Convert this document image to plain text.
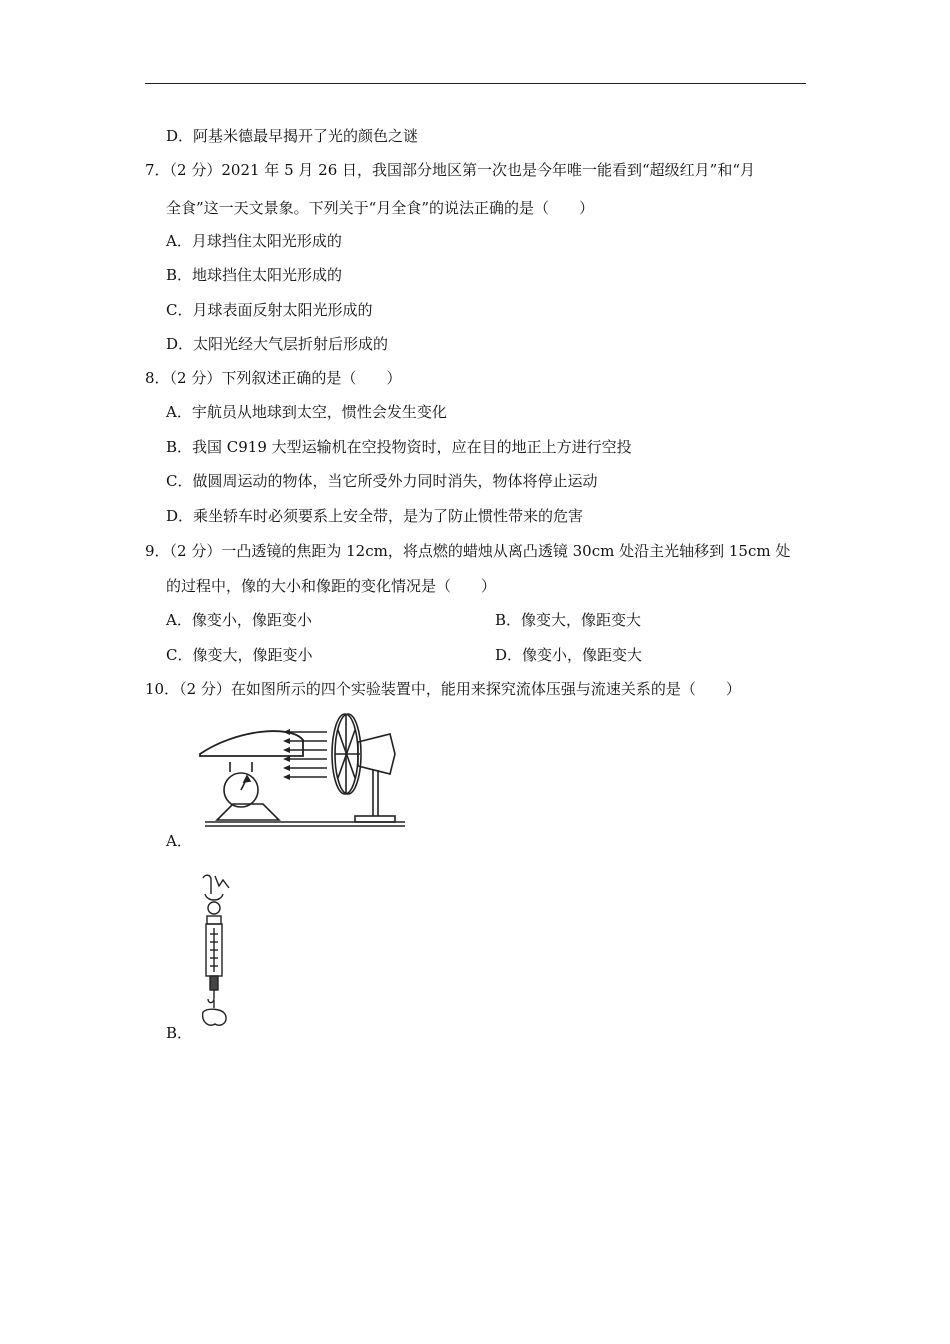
D．阿基米德最早揭开了光的颜色之谜
7．（2 分）2021 年 5 月 26 日，我国部分地区第一次也是今年唯一能看到“超级红月”和“月
全食”这一天文景象。下列关于“月全食”的说法正确的是（　　）
A．月球挡住太阳光形成的
B．地球挡住太阳光形成的
C．月球表面反射太阳光形成的
D．太阳光经大气层折射后形成的
8．（2 分）下列叙述正确的是（　　）
A．宇航员从地球到太空，惯性会发生变化
B．我国 C919 大型运输机在空投物资时，应在目的地正上方进行空投
C．做圆周运动的物体，当它所受外力同时消失，物体将停止运动
D．乘坐轿车时必须要系上安全带，是为了防止惯性带来的危害
9．（2 分）一凸透镜的焦距为 12cm，将点燃的蜡烛从离凸透镜 30cm 处沿主光轴移到 15cm 处
的过程中，像的大小和像距的变化情况是（　　）
A．像变小，像距变小	B．像变大，像距变大
C．像变大，像距变小	D．像变小，像距变大
10．（2 分）在如图所示的四个实验装置中，能用来探究流体压强与流速关系的是（　　）
A．
B．
